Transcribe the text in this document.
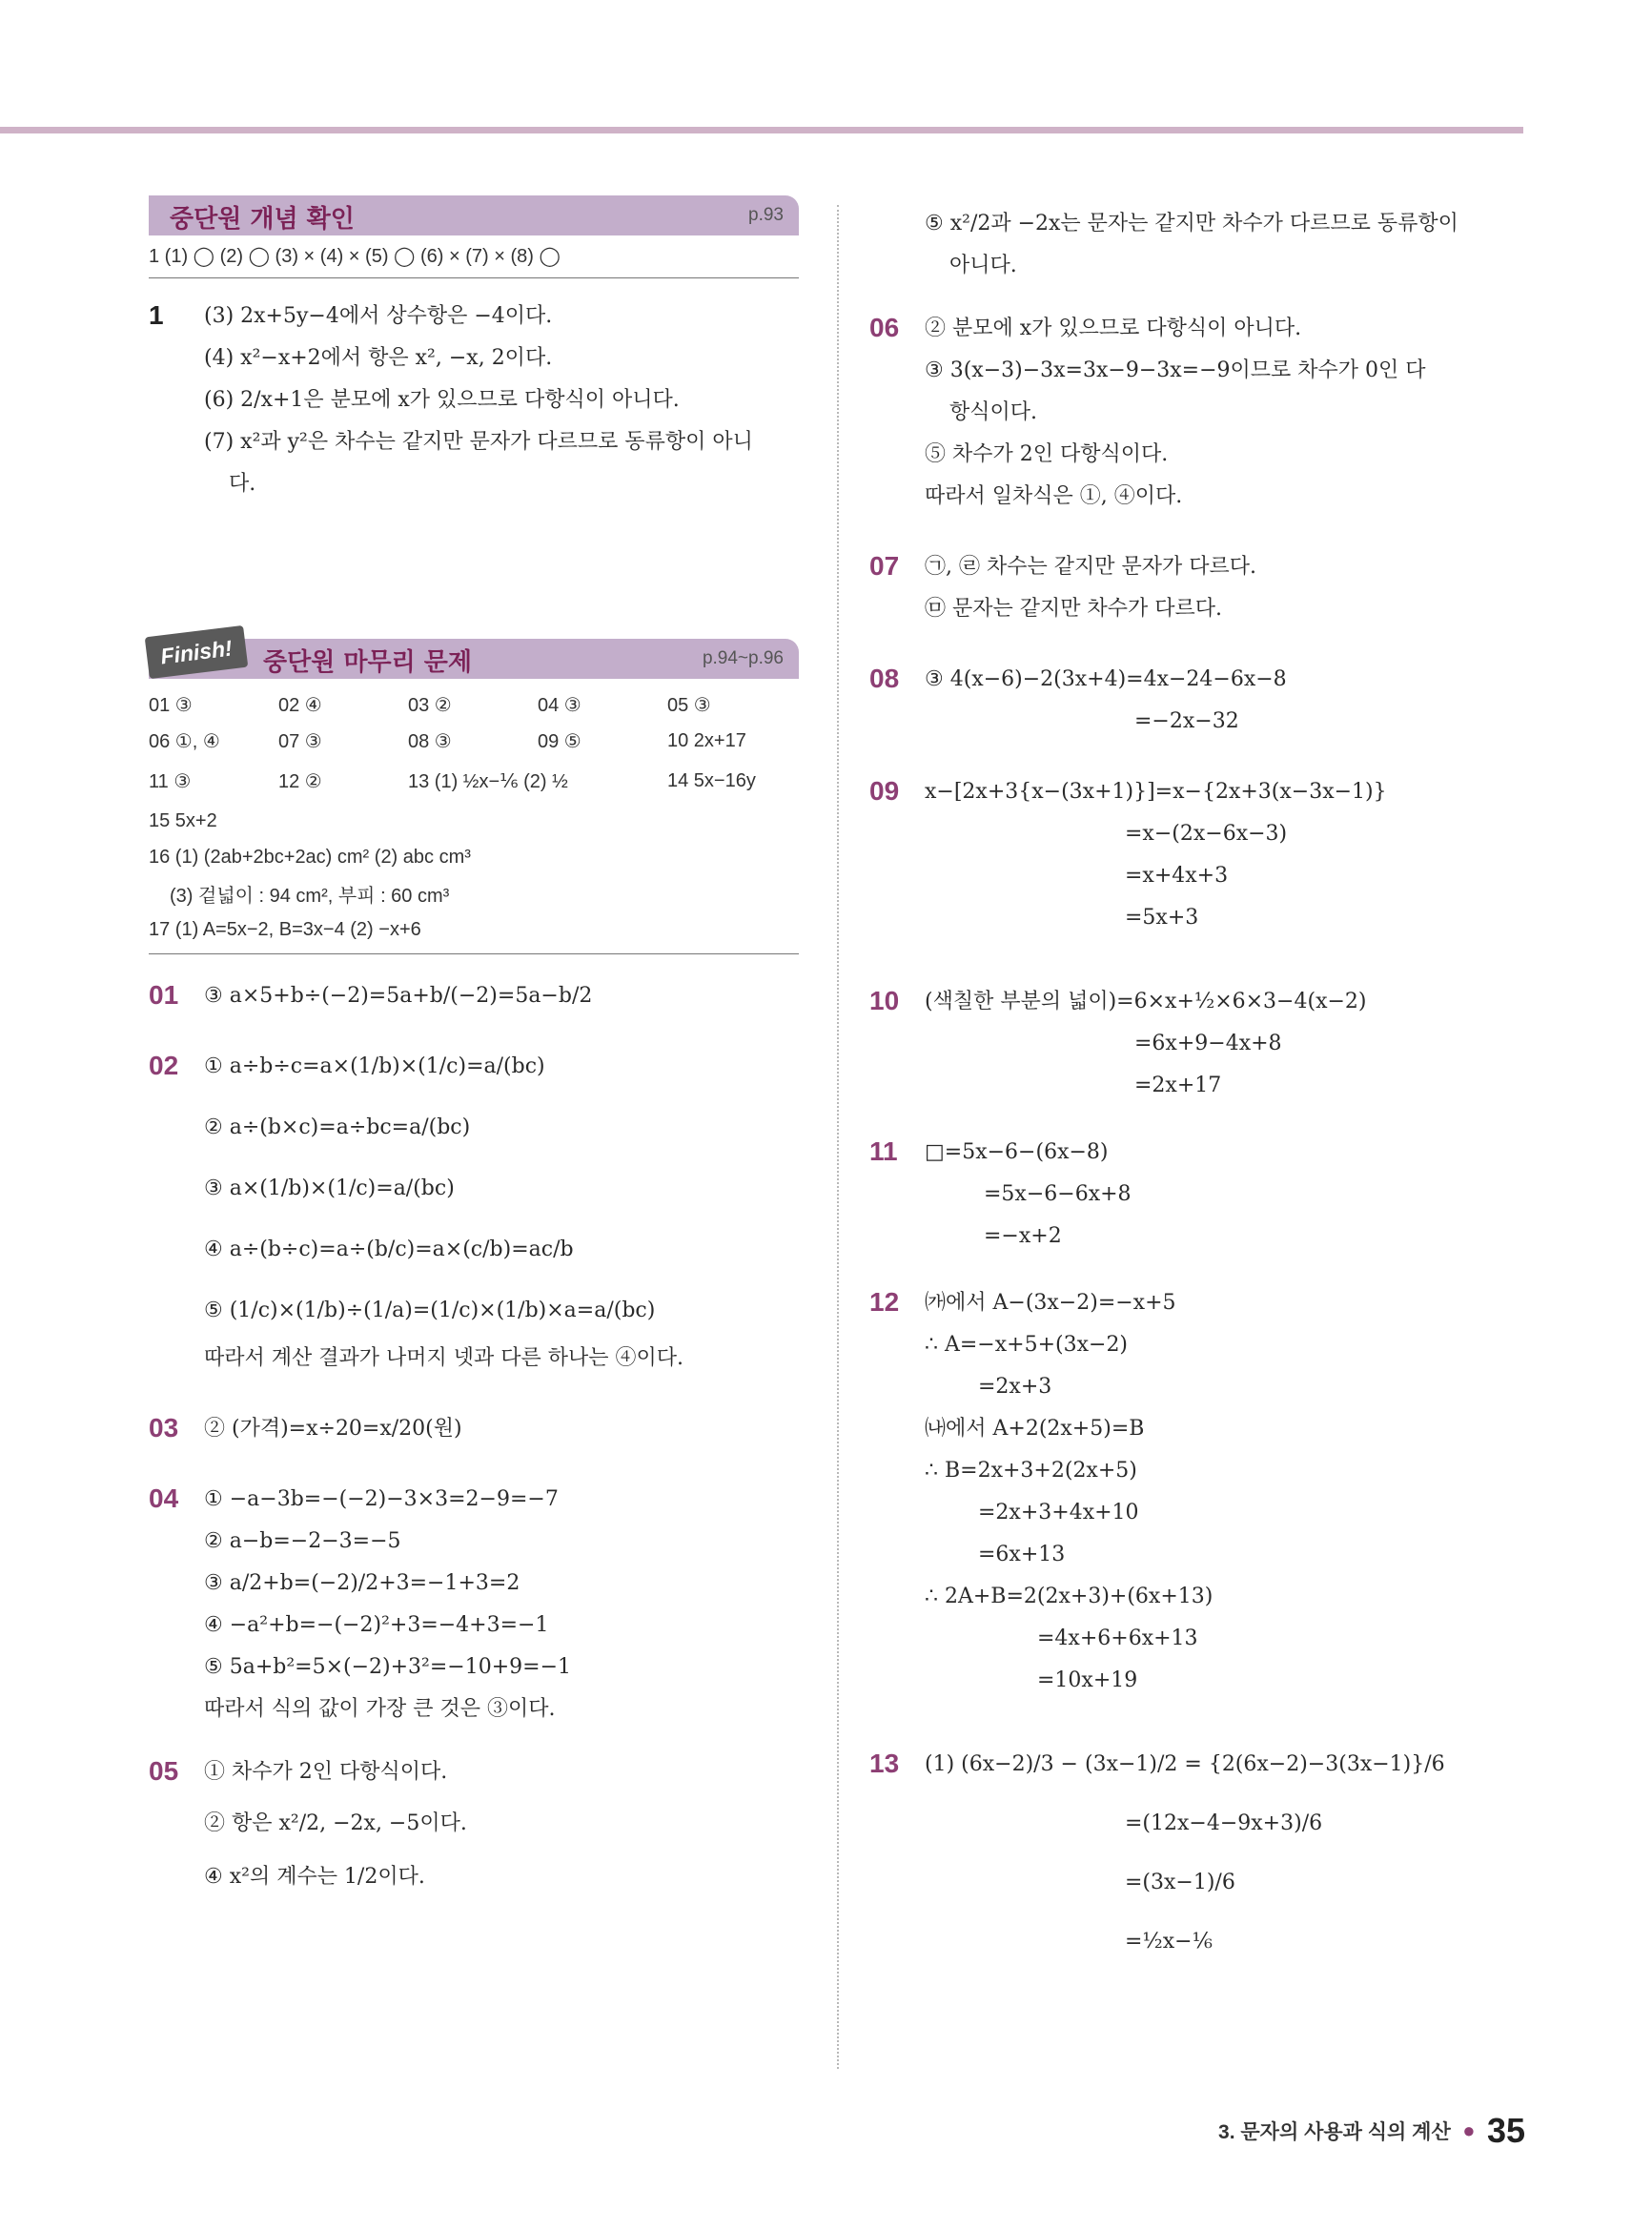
중단원 개념 확인	p.93
1 (1) ◯ (2) ◯ (3) × (4) × (5) ◯ (6) × (7) × (8) ◯
1 (3) 2x+5y−4에서 상수항은 −4이다.
(4) x²−x+2에서 항은 x², −x, 2이다.
(6) 2/x+1은 분모에 x가 있으므로 다항식이 아니다.
(7) x²과 y²은 차수는 같지만 문자가 다르므로 동류항이 아니
다.
Finish!	중단원 마무리 문제	p.94~p.96
01 ③	02 ④	03 ②	04 ③	05 ③
06 ①, ④	07 ③	08 ③	09 ⑤	10 2x+17
11 ③	12 ②	13 (1) ½x−⅙ (2) ½	14 5x−16y
15 5x+2
16 (1) (2ab+2bc+2ac) cm² (2) abc cm³
(3) 겉넓이 : 94 cm², 부피 : 60 cm³
17 (1) A=5x−2, B=3x−4 (2) −x+6
01 ③ a×5+b÷(−2)=5a+b/(−2)=5a−b/2
02 ① a÷b÷c=a×(1/b)×(1/c)=a/(bc)
② a÷(b×c)=a÷bc=a/(bc)
③ a×(1/b)×(1/c)=a/(bc)
④ a÷(b÷c)=a÷(b/c)=a×(c/b)=ac/b
⑤ (1/c)×(1/b)÷(1/a)=(1/c)×(1/b)×a=a/(bc)
따라서 계산 결과가 나머지 넷과 다른 하나는 ④이다.
03 ② (가격)=x÷20=x/20(원)
04 ① −a−3b=−(−2)−3×3=2−9=−7
② a−b=−2−3=−5
③ a/2+b=(−2)/2+3=−1+3=2
④ −a²+b=−(−2)²+3=−4+3=−1
⑤ 5a+b²=5×(−2)+3²=−10+9=−1
따라서 식의 값이 가장 큰 것은 ③이다.
05 ① 차수가 2인 다항식이다.
② 항은 x²/2, −2x, −5이다.
④ x²의 계수는 1/2이다.
⑤ x²/2과 −2x는 문자는 같지만 차수가 다르므로 동류항이
아니다.
06 ② 분모에 x가 있으므로 다항식이 아니다.
③ 3(x−3)−3x=3x−9−3x=−9이므로 차수가 0인 다
항식이다.
⑤ 차수가 2인 다항식이다.
따라서 일차식은 ①, ④이다.
07 ㉠, ㉣ 차수는 같지만 문자가 다르다.
㉤ 문자는 같지만 차수가 다르다.
08 ③ 4(x−6)−2(3x+4)=4x−24−6x−8
=−2x−32
09 x−[2x+3{x−(3x+1)}]=x−{2x+3(x−3x−1)}
=x−(2x−6x−3)
=x+4x+3
=5x+3
10 (색칠한 부분의 넓이)=6×x+½×6×3−4(x−2)
=6x+9−4x+8
=2x+17
11 □=5x−6−(6x−8)
=5x−6−6x+8
=−x+2
12 ㈎에서 A−(3x−2)=−x+5
∴ A=−x+5+(3x−2)
=2x+3
㈏에서 A+2(2x+5)=B
∴ B=2x+3+2(2x+5)
=2x+3+4x+10
=6x+13
∴ 2A+B=2(2x+3)+(6x+13)
=4x+6+6x+13
=10x+19
13 (1) (6x−2)/3 − (3x−1)/2 = {2(6x−2)−3(3x−1)}/6
=(12x−4−9x+3)/6
=(3x−1)/6
=½x−⅙
3. 문자의 사용과 식의 계산 ● 35
